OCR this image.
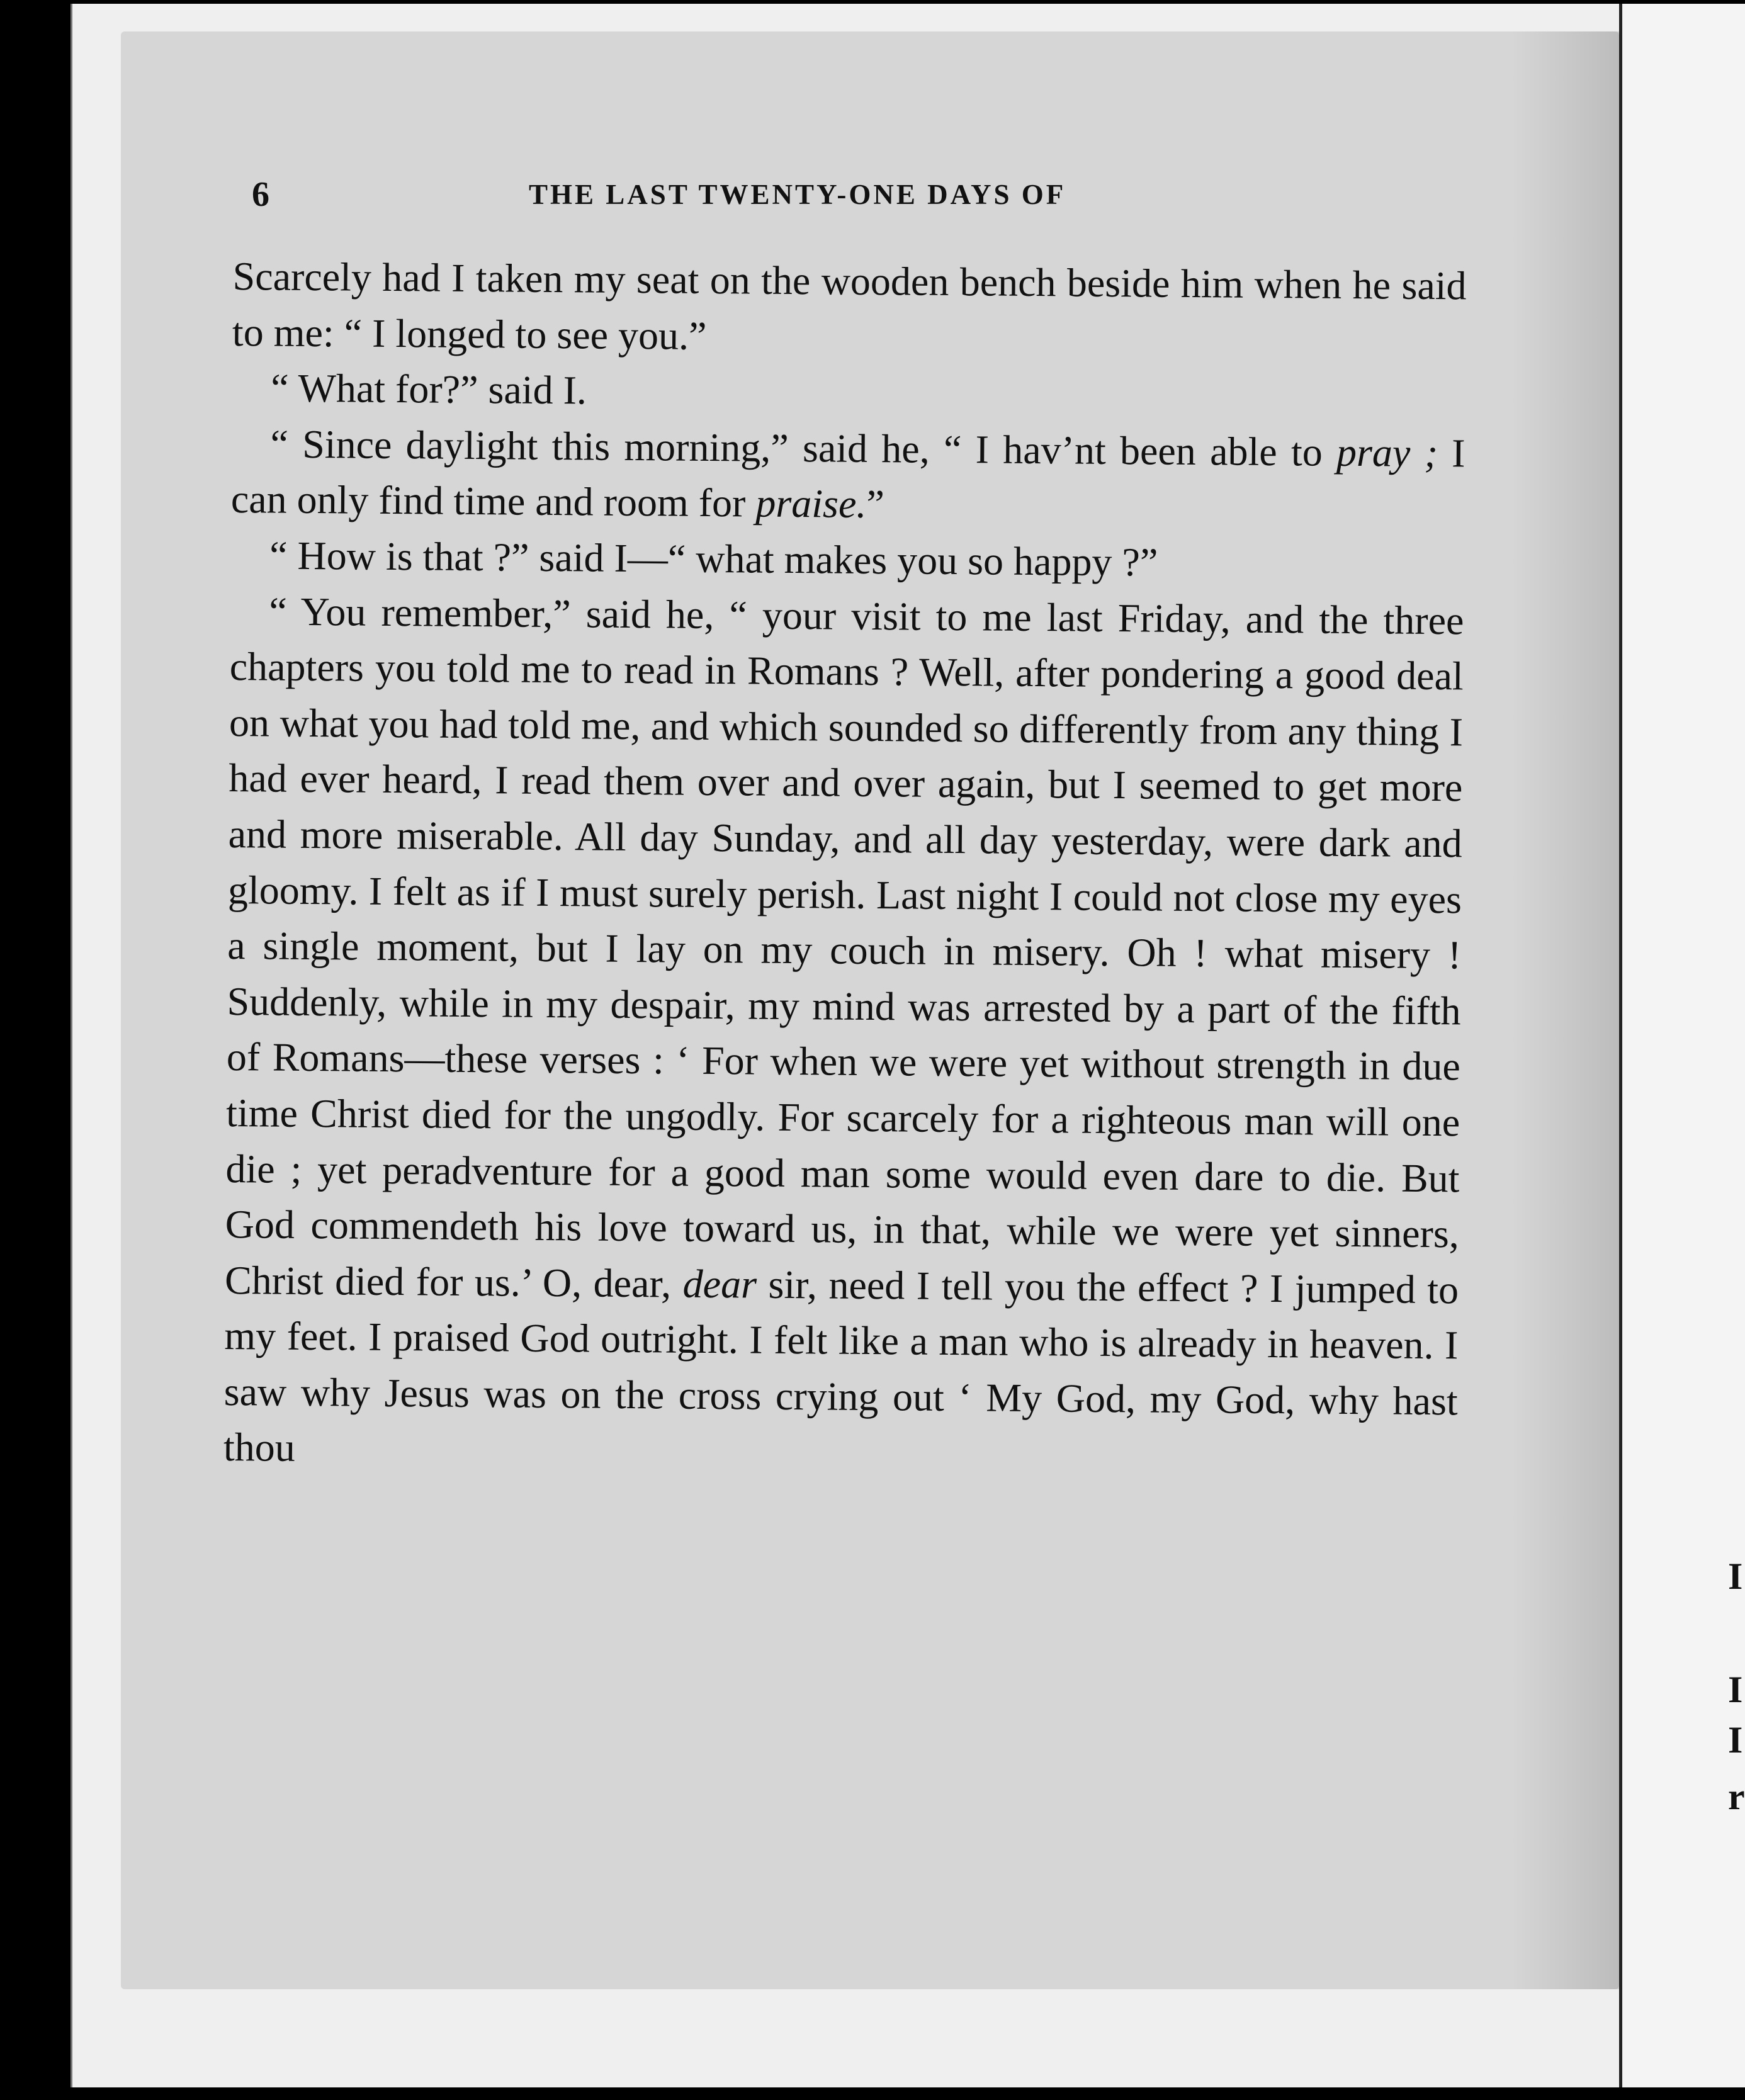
I
I
I
r
6	THE LAST TWENTY-ONE DAYS OF

Scarcely had I taken my seat on the wooden bench beside him when he said to me: “ I longed to see you.”

“ What for?” said I.

“ Since daylight this morning,” said he, “ I hav’nt been able to pray ; I can only find time and room for praise.”

“ How is that ?” said I—“ what makes you so happy ?”

“ You remember,” said he, “ your visit to me last Friday, and the three chapters you told me to read in Romans ? Well, after pondering a good deal on what you had told me, and which sounded so differently from any thing I had ever heard, I read them over and over again, but I seemed to get more and more miserable. All day Sunday, and all day yesterday, were dark and gloomy. I felt as if I must surely perish. Last night I could not close my eyes a single moment, but I lay on my couch in misery. Oh ! what misery ! Suddenly, while in my despair, my mind was arrested by a part of the fifth of Romans—these verses : ‘ For when we were yet without strength in due time Christ died for the ungodly. For scarcely for a righteous man will one die ; yet peradventure for a good man some would even dare to die. But God commendeth his love toward us, in that, while we were yet sinners, Christ died for us.’ O, dear, dear sir, need I tell you the effect ? I jumped to my feet. I praised God outright. I felt like a man who is already in heaven. I saw why Jesus was on the cross crying out ‘ My God, my God, why hast thou
